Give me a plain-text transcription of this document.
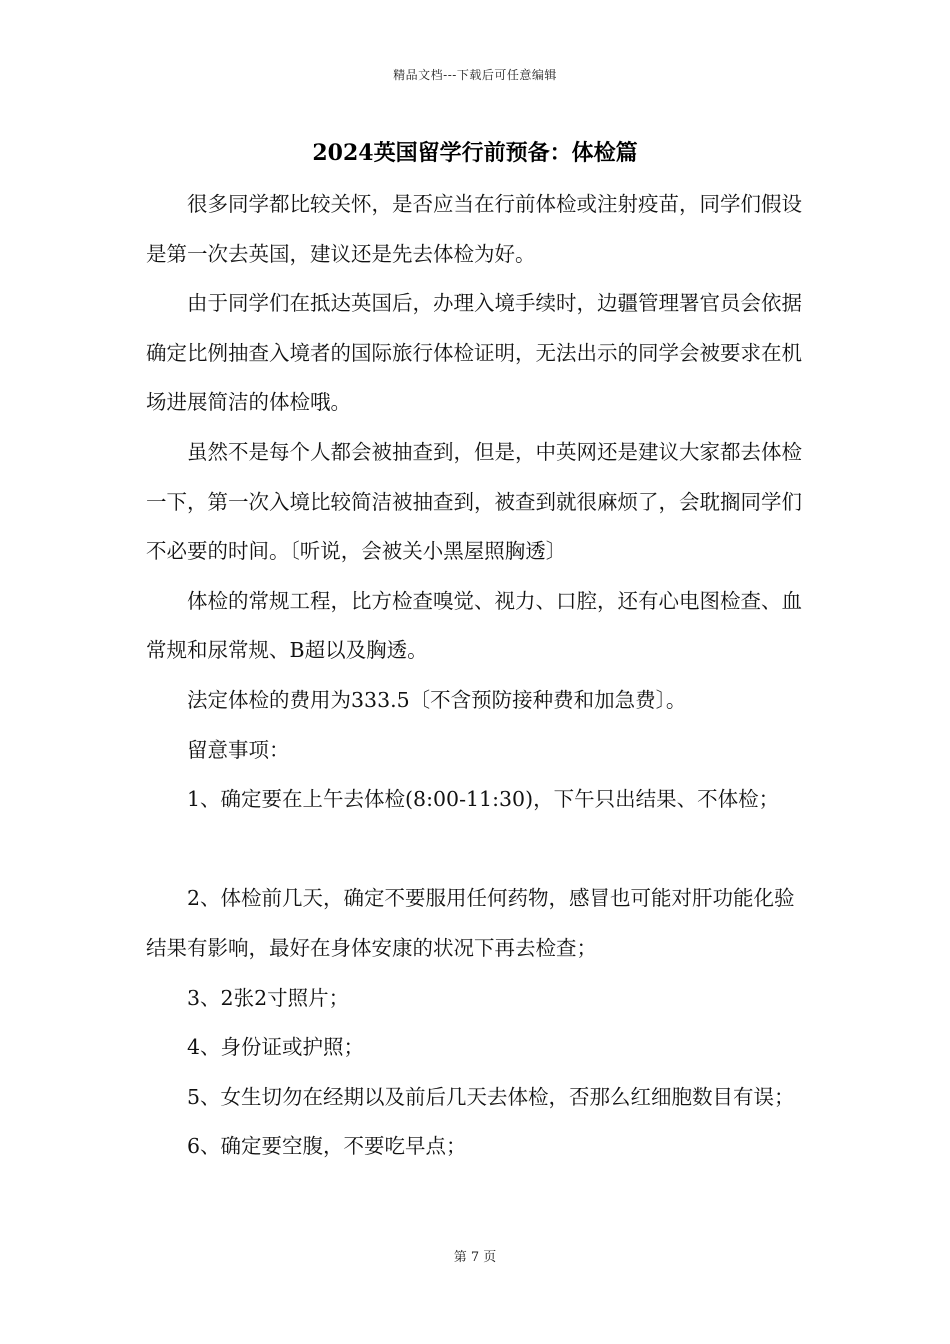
精品文档---下载后可任意编辑
2024英国留学行前预备：体检篇

很多同学都比较关怀，是否应当在行前体检或注射疫苗，同学们假设是第一次去英国，建议还是先去体检为好。

由于同学们在抵达英国后，办理入境手续时，边疆管理署官员会依据确定比例抽查入境者的国际旅行体检证明，无法出示的同学会被要求在机场进展简洁的体检哦。

虽然不是每个人都会被抽查到，但是，中英网还是建议大家都去体检一下，第一次入境比较简洁被抽查到，被查到就很麻烦了，会耽搁同学们不必要的时间。〔听说，会被关小黑屋照胸透〕

体检的常规工程，比方检查嗅觉、视力、口腔，还有心电图检查、血常规和尿常规、B超以及胸透。

法定体检的费用为333.5〔不含预防接种费和加急费〕。

留意事项：

1、确定要在上午去体检(8:00-11:30)，下午只出结果、不体检；

2、体检前几天，确定不要服用任何药物，感冒也可能对肝功能化验结果有影响，最好在身体安康的状况下再去检查；

3、2张2寸照片；

4、身份证或护照；

5、女生切勿在经期以及前后几天去体检，否那么红细胞数目有误；

6、确定要空腹，不要吃早点；

第 7 页
